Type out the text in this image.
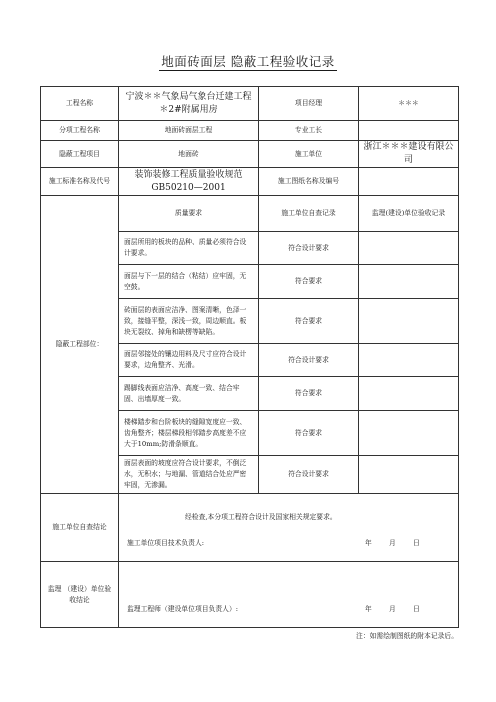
地面砖面层 隐蔽工程验收记录
工程名称	宁波＊＊气象局气象台迁建工程＊2#附属用房	项目经理	＊＊＊
分项工程名称	地面砖面层工程	专业工长	
隐蔽工程项目	地面砖	施工单位	浙江＊＊＊建设有限公司
施工标准名称及代号	装饰装修工程质量验收规范 GB50210—2001	施工图纸名称及编号	
隐蔽工程部位：	质量要求	施工单位自查记录	监理(建设)单位验收记录
	面层所用的板块的品种、质量必须符合设计要求。	符合设计要求	
	面层与下一层的结合（粘结）应牢固，无空鼓。	符合要求	
	砖面层的表面应洁净、图案清晰，色泽一致，接缝平整，深浅一致，周边顺直。板块无裂纹、掉角和缺楞等缺陷。	符合要求	
	面层邻接处的镶边用料及尺寸应符合设计要求，边角整齐、光滑。	符合设计要求	
	踢脚线表面应洁净、高度一致、结合牢固、出墙厚度一致。	符合要求	
	楼梯踏步和台阶板块的缝隙宽度应一致、齿角整齐；楼层梯段相邻踏步高度差不应大于10mm;防滑条顺直。	符合要求	
	面层表面的坡度应符合设计要求，不倒泛水，无积水；与地漏、管道结合处应严密牢固，无渗漏。	符合设计要求	
施工单位自查结论	经检查,本分项工程符合设计及国家相关规定要求。
施工单位项目技术负责人: 年 月 日		

监理 （建设）单位验收结论	监理工程师（建设单位项目负责人）: 年 月 日		
注：如需绘制图纸的附本记录后。
